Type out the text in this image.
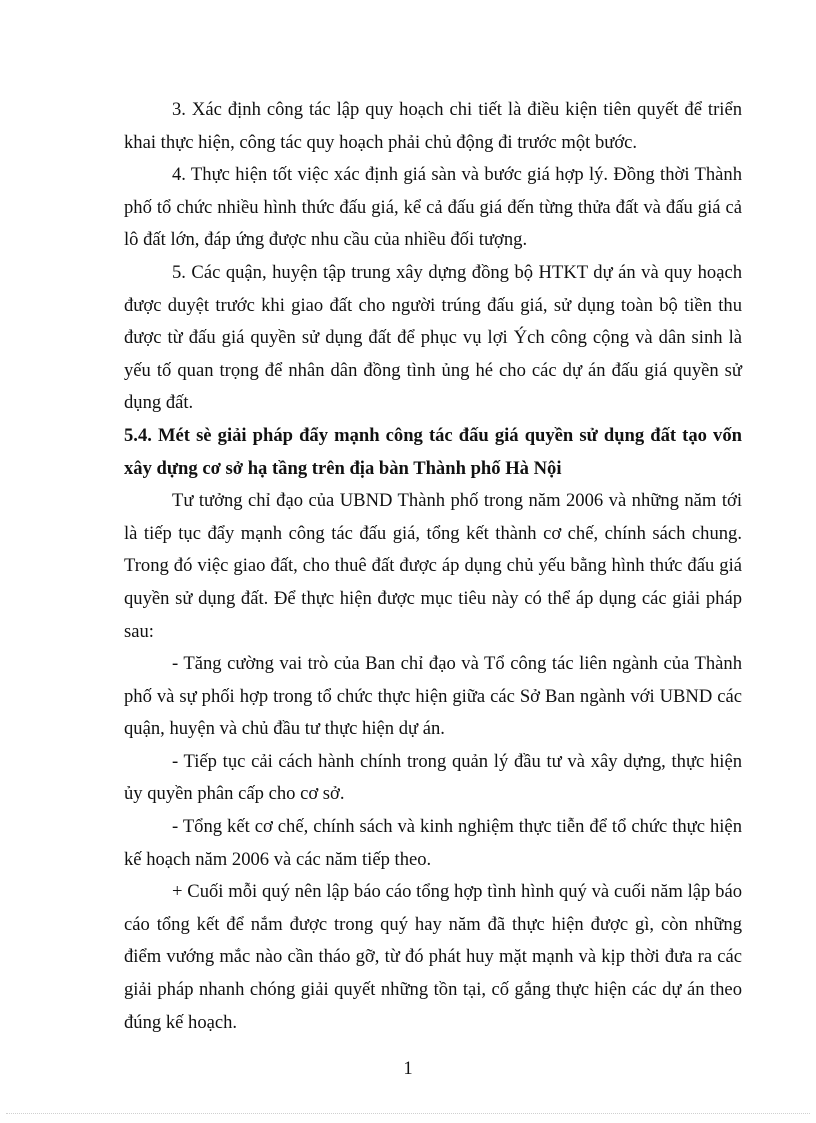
3. Xác định công tác lập quy hoạch chi tiết là điều kiện tiên quyết để triển khai thực hiện, công tác quy hoạch phải chủ động đi trước một bước.

4. Thực hiện tốt việc xác định giá sàn và bước giá hợp lý. Đồng thời Thành phố tổ chức nhiều hình thức đấu giá, kể cả đấu giá đến từng thửa đất và đấu giá cả lô đất lớn, đáp ứng được nhu cầu của nhiều đối tượng.

5. Các quận, huyện tập trung xây dựng đồng bộ HTKT dự án và quy hoạch được duyệt trước khi giao đất cho người trúng đấu giá, sử dụng toàn bộ tiền thu được từ đấu giá quyền sử dụng đất để phục vụ lợi Ých công cộng và dân sinh là yếu tố quan trọng để nhân dân đồng tình ủng hé cho các dự án đấu giá quyền sử dụng đất.

5.4. Mét sè giải pháp đẩy mạnh công tác đấu giá quyền sử dụng đất tạo vốn xây dựng cơ sở hạ tầng trên địa bàn Thành phố Hà Nội

Tư tưởng chỉ đạo của UBND Thành phố trong năm 2006 và những năm tới là tiếp tục đẩy mạnh công tác đấu giá, tổng kết thành cơ chế, chính sách chung. Trong đó việc giao đất, cho thuê đất được áp dụng chủ yếu bằng hình thức đấu giá quyền sử dụng đất. Để thực hiện được mục tiêu này có thể áp dụng các giải pháp sau:

- Tăng cường vai trò của Ban chỉ đạo và Tổ công tác liên ngành của Thành phố và sự phối hợp trong tổ chức thực hiện giữa các Sở Ban ngành với UBND các quận, huyện và chủ đầu tư thực hiện dự án.

- Tiếp tục cải cách hành chính trong quản lý đầu tư và xây dựng, thực hiện ủy quyền phân cấp cho cơ sở.

- Tổng kết cơ chế, chính sách và kinh nghiệm thực tiễn để tổ chức thực hiện kế hoạch năm 2006 và các năm tiếp theo.

+ Cuối mỗi quý nên lập báo cáo tổng hợp tình hình quý và cuối năm lập báo cáo tổng kết để nắm được trong quý hay năm đã thực hiện được gì, còn những điểm vướng mắc nào cần tháo gỡ, từ đó phát huy mặt mạnh và kịp thời đưa ra các giải pháp nhanh chóng giải quyết những tồn tại, cố gắng thực hiện các dự án theo đúng kế hoạch.

1
